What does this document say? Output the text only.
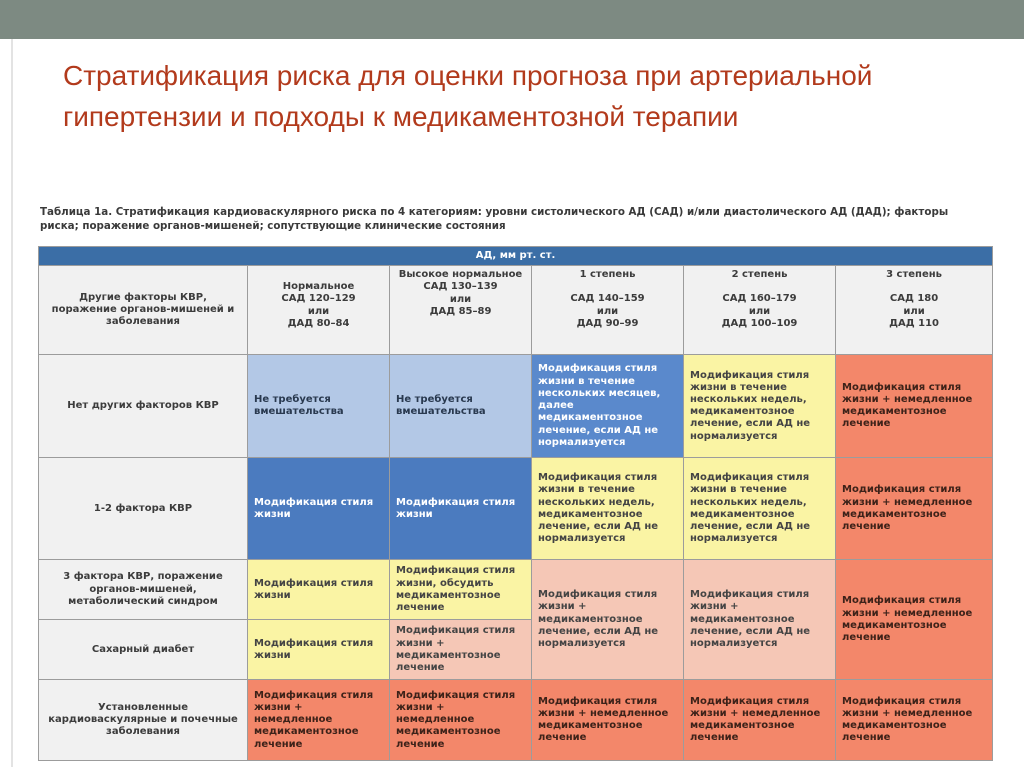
Стратификация риска для оценки прогноза при артериальной гипертензии и подходы к медикаментозной терапии

Таблица 1а. Стратификация кардиоваскулярного риска по 4 категориям: уровни систолического АД (САД) и/или диастолического АД (ДАД); факторы риска; поражение органов-мишеней; сопутствующие клинические состояния

АД, мм рт. ст.					
Другие факторы КВР, поражение органов-мишеней и заболевания	Нормальное
САД 120–129
или
ДАД 80–84	Высокое нормальное
САД 130–139
или
ДАД 85–89	1 степень
САД 140–159
или
ДАД 90–99	2 степень
САД 160–179
или
ДАД 100–109	3 степень
САД 180
или
ДАД 110

Нет других факторов КВР	Не требуется вмешательства	Не требуется вмешательства	Модификация стиля жизни в течение нескольких месяцев, далее медикаментозное лечение, если АД не нормализуется	Модификация стиля жизни в течение нескольких недель, медикаментозное лечение, если АД не нормализуется	Модификация стиля жизни + немедленное медикаментозное лечение
1-2 фактора КВР	Модификация стиля жизни	Модификация стиля жизни	Модификация стиля жизни в течение нескольких недель, медикаментозное лечение, если АД не нормализуется	Модификация стиля жизни в течение нескольких недель, медикаментозное лечение, если АД не нормализуется	Модификация стиля жизни + немедленное медикаментозное лечение
3 фактора КВР, поражение органов-мишеней, метаболический синдром	Модификация стиля жизни	Модификация стиля жизни, обсудить медикаментозное лечение	Модификация стиля жизни + медикаментозное лечение, если АД не нормализуется	Модификация стиля жизни + медикаментозное лечение, если АД не нормализуется	Модификация стиля жизни + немедленное медикаментозное лечение
Сахарный диабет	Модификация стиля жизни	Модификация стиля жизни + медикаментозное лечение			
Установленные кардиоваскулярные и почечные заболевания	Модификация стиля жизни + немедленное медикаментозное лечение	Модификация стиля жизни + немедленное медикаментозное лечение	Модификация стиля жизни + немедленное медикаментозное лечение	Модификация стиля жизни + немедленное медикаментозное лечение	Модификация стиля жизни + немедленное медикаментозное лечение
